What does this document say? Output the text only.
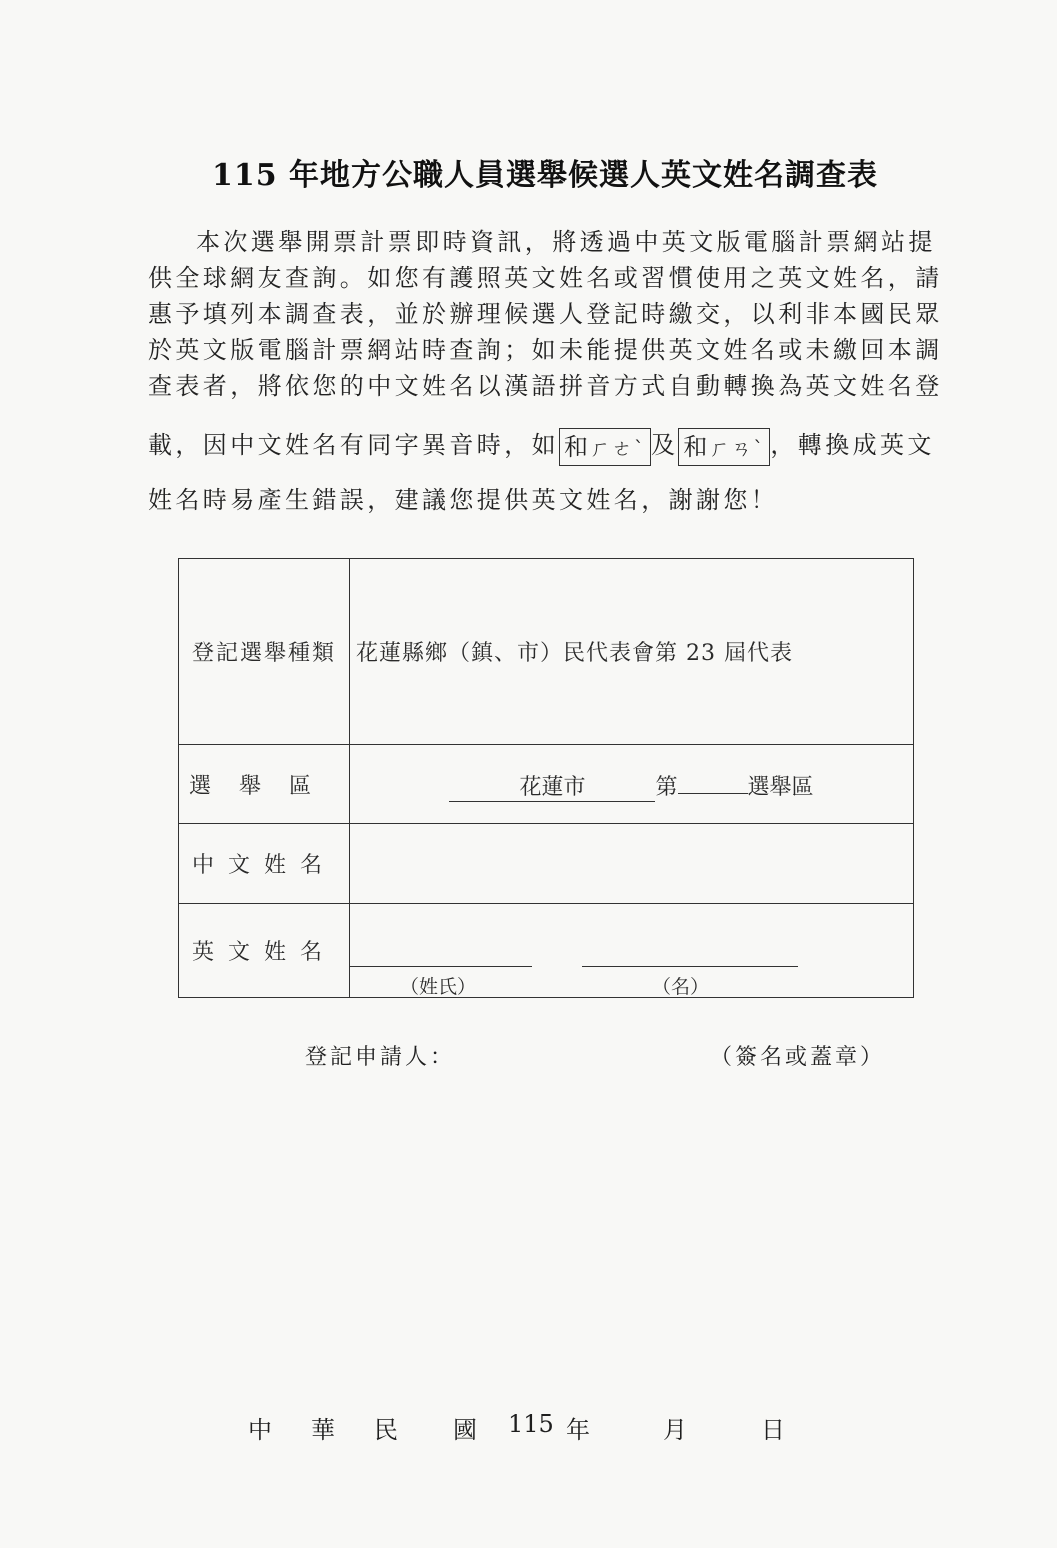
115 年地方公職人員選舉候選人英文姓名調查表
本次選舉開票計票即時資訊，將透過中英文版電腦計票網站提
供全球網友查詢。如您有護照英文姓名或習慣使用之英文姓名，請
惠予填列本調查表，並於辦理候選人登記時繳交，以利非本國民眾
於英文版電腦計票網站時查詢；如未能提供英文姓名或未繳回本調
查表者，將依您的中文姓名以漢語拼音方式自動轉換為英文姓名登
載，因中文姓名有同字異音時，如 和ㄏㄜˋ 及 和ㄏㄢˋ ，轉換成英文
姓名時易產生錯誤，建議您提供英文姓名，謝謝您！
登記選舉種類	花蓮縣鄉（鎮、市）民代表會第 23 屆代表
選舉區	花蓮市 第 選舉區
中文姓名	
英文姓名	（姓氏） （名）
登記申請人：	（簽名或蓋章）
中 華 民 國 115 年	月	日
